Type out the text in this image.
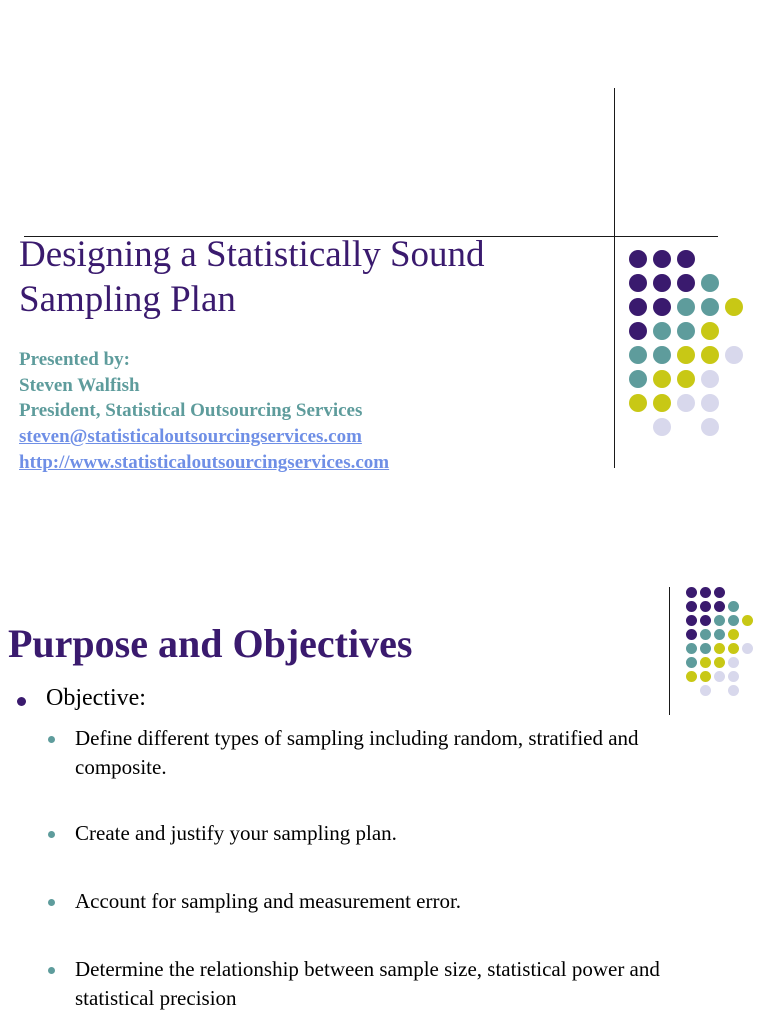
Designing a Statistically Sound
Sampling Plan
Presented by:
Steven Walfish
President, Statistical Outsourcing Services
steven@statisticaloutsourcingservices.com
http://www.statisticaloutsourcingservices.com
Purpose and Objectives
Objective:
Define different types of sampling including random, stratified and composite.
Create and justify your sampling plan.
Account for sampling and measurement error.
Determine the relationship between sample size, statistical power and statistical precision
